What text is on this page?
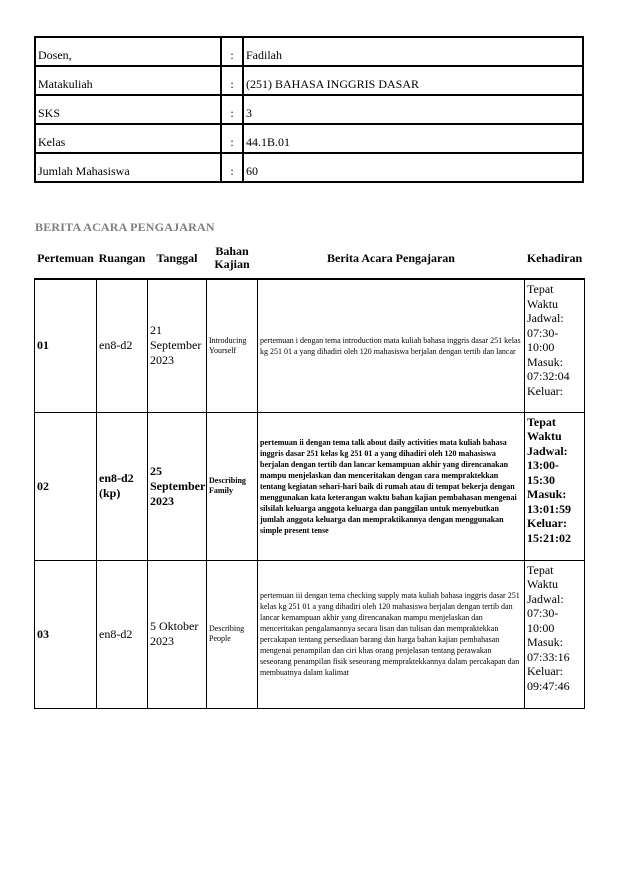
Dosen,	:	Fadilah
Matakuliah	:	(251) BAHASA INGGRIS DASAR
SKS	:	3
Kelas	:	44.1B.01
Jumlah Mahasiswa	:	60
BERITA ACARA PENGAJARAN
Pertemuan	Ruangan	Tanggal	Bahan Kajian	Berita Acara Pengajaran	Kehadiran
01	en8-d2	21 September 2023	Introducing Yourself	pertemuan i dengan tema introduction mata kuliah bahasa inggris dasar 251 kelas kg 251 01 a yang dihadiri oleh 120 mahasiswa berjalan dengan tertib dan lancar	Tepat Waktu Jadwal: 07:30-10:00 Masuk: 07:32:04 Keluar:

02	en8-d2 (kp)	25 September 2023	Describing Family	pertemuan ii dengan tema talk about daily activities mata kuliah bahasa inggris dasar 251 kelas kg 251 01 a yang dihadiri oleh 120 mahasiswa berjalan dengan tertib dan lancar kemampuan akhir yang direncanakan mampu menjelaskan dan menceritakan dengan cara mempraktekkan tentang kegiatan sehari-hari baik di rumah atau di tempat bekerja dengan menggunakan kata keterangan waktu bahan kajian pembahasan mengenai silsilah keluarga anggota keluarga dan panggilan untuk menyebutkan jumlah anggota keluarga dan mempraktikannya dengan menggunakan simple present tense	Tepat Waktu Jadwal: 13:00-15:30 Masuk: 13:01:59 Keluar: 15:21:02

03	en8-d2	5 Oktober 2023	Describing People	pertemuan iii dengan tema checking supply mata kuliah bahasa inggris dasar 251 kelas kg 251 01 a yang dihadiri oleh 120 mahasiswa berjalan dengan tertib dan lancar kemampuan akhir yang direncanakan mampu menjelaskan dan menceritakan pengalamannya secara lisan dan tulisan dan mempraktekkan percakapan tentang persediaan barang dan harga bahan kajian pembahasan mengenai penampilan dan ciri khas orang penjelasan tentang perawakan seseorang penampilan fisik seseorang mempraktekkannya dalam percakapan dan membuatnya dalam kalimat	Tepat Waktu Jadwal: 07:30-10:00 Masuk: 07:33:16 Keluar: 09:47:46
